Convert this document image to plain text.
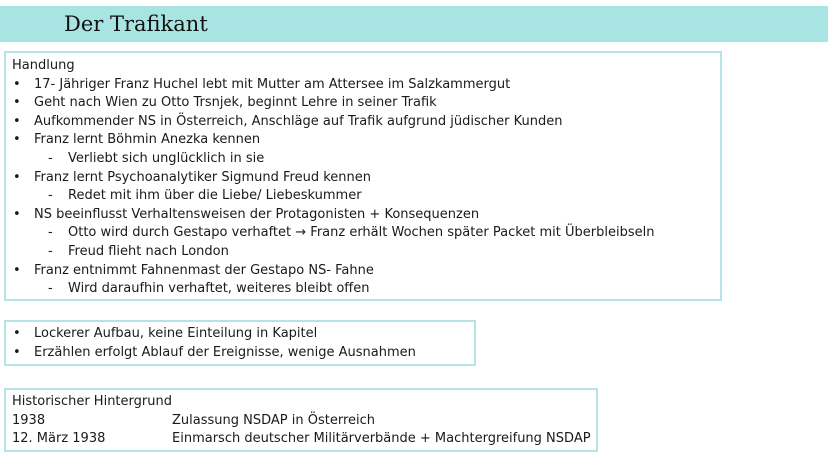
Der Trafikant
Handlung
• 17- Jähriger Franz Huchel lebt mit Mutter am Attersee im Salzkammergut
• Geht nach Wien zu Otto Trsnjek, beginnt Lehre in seiner Trafik
• Aufkommender NS in Österreich, Anschläge auf Trafik aufgrund jüdischer Kunden
• Franz lernt Böhmin Anezka kennen
- Verliebt sich unglücklich in sie
• Franz lernt Psychoanalytiker Sigmund Freud kennen
- Redet mit ihm über die Liebe/ Liebeskummer
• NS beeinflusst Verhaltensweisen der Protagonisten + Konsequenzen
- Otto wird durch Gestapo verhaftet → Franz erhält Wochen später Packet mit Überbleibseln
- Freud flieht nach London
• Franz entnimmt Fahnenmast der Gestapo NS- Fahne
- Wird daraufhin verhaftet, weiteres bleibt offen
• Lockerer Aufbau, keine Einteilung in Kapitel
• Erzählen erfolgt Ablauf der Ereignisse, wenige Ausnahmen
Historischer Hintergrund
1938	Zulassung NSDAP in Österreich
12. März 1938	Einmarsch deutscher Militärverbände + Machtergreifung NSDAP
